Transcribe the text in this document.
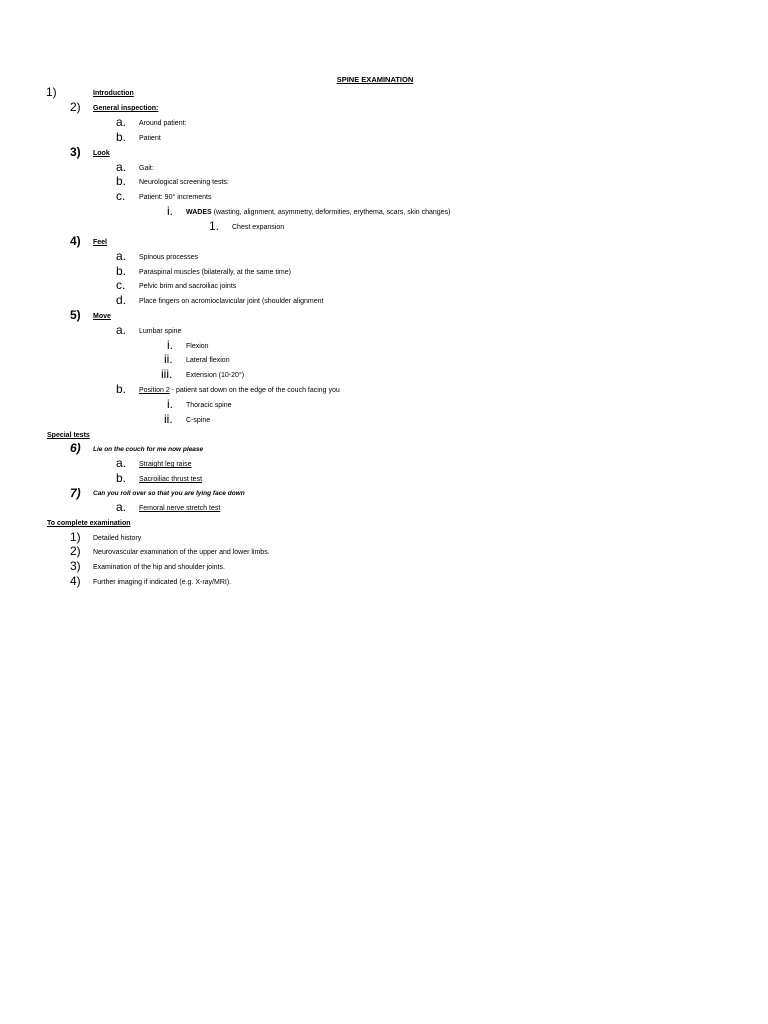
SPINE EXAMINATION
1)	Introduction
2) General inspection:
a. Around patient:
b. Patient
3) Look
a. Gait:
b. Neurological screening tests:
c. Patient: 90° increments
i. WADES (wasting, alignment, asymmetry, deformities, erythema, scars, skin changes)
1. Chest expansion
4) Feel
a. Spinous processes
b. Paraspinal muscles (bilaterally, at the same time)
c. Pelvic brim and sacroiliac joints
d. Place fingers on acromioclavicular joint (shoulder alignment
5) Move
a. Lumbar spine
i. Flexion
ii. Lateral flexion
iii. Extension (10-20°)
b. Position 2 - patient sat down on the edge of the couch facing you
i. Thoracic spine
ii. C-spine
Special tests
6) Lie on the couch for me now please
a. Straight leg raise
b. Sacroiliac thrust test
7) Can you roll over so that you are lying face down
a. Femoral nerve stretch test
To complete examination
1) Detailed history
2) Neurovascular examination of the upper and lower limbs.
3) Examination of the hip and shoulder joints.
4) Further imaging if indicated (e.g. X-ray/MRI).
